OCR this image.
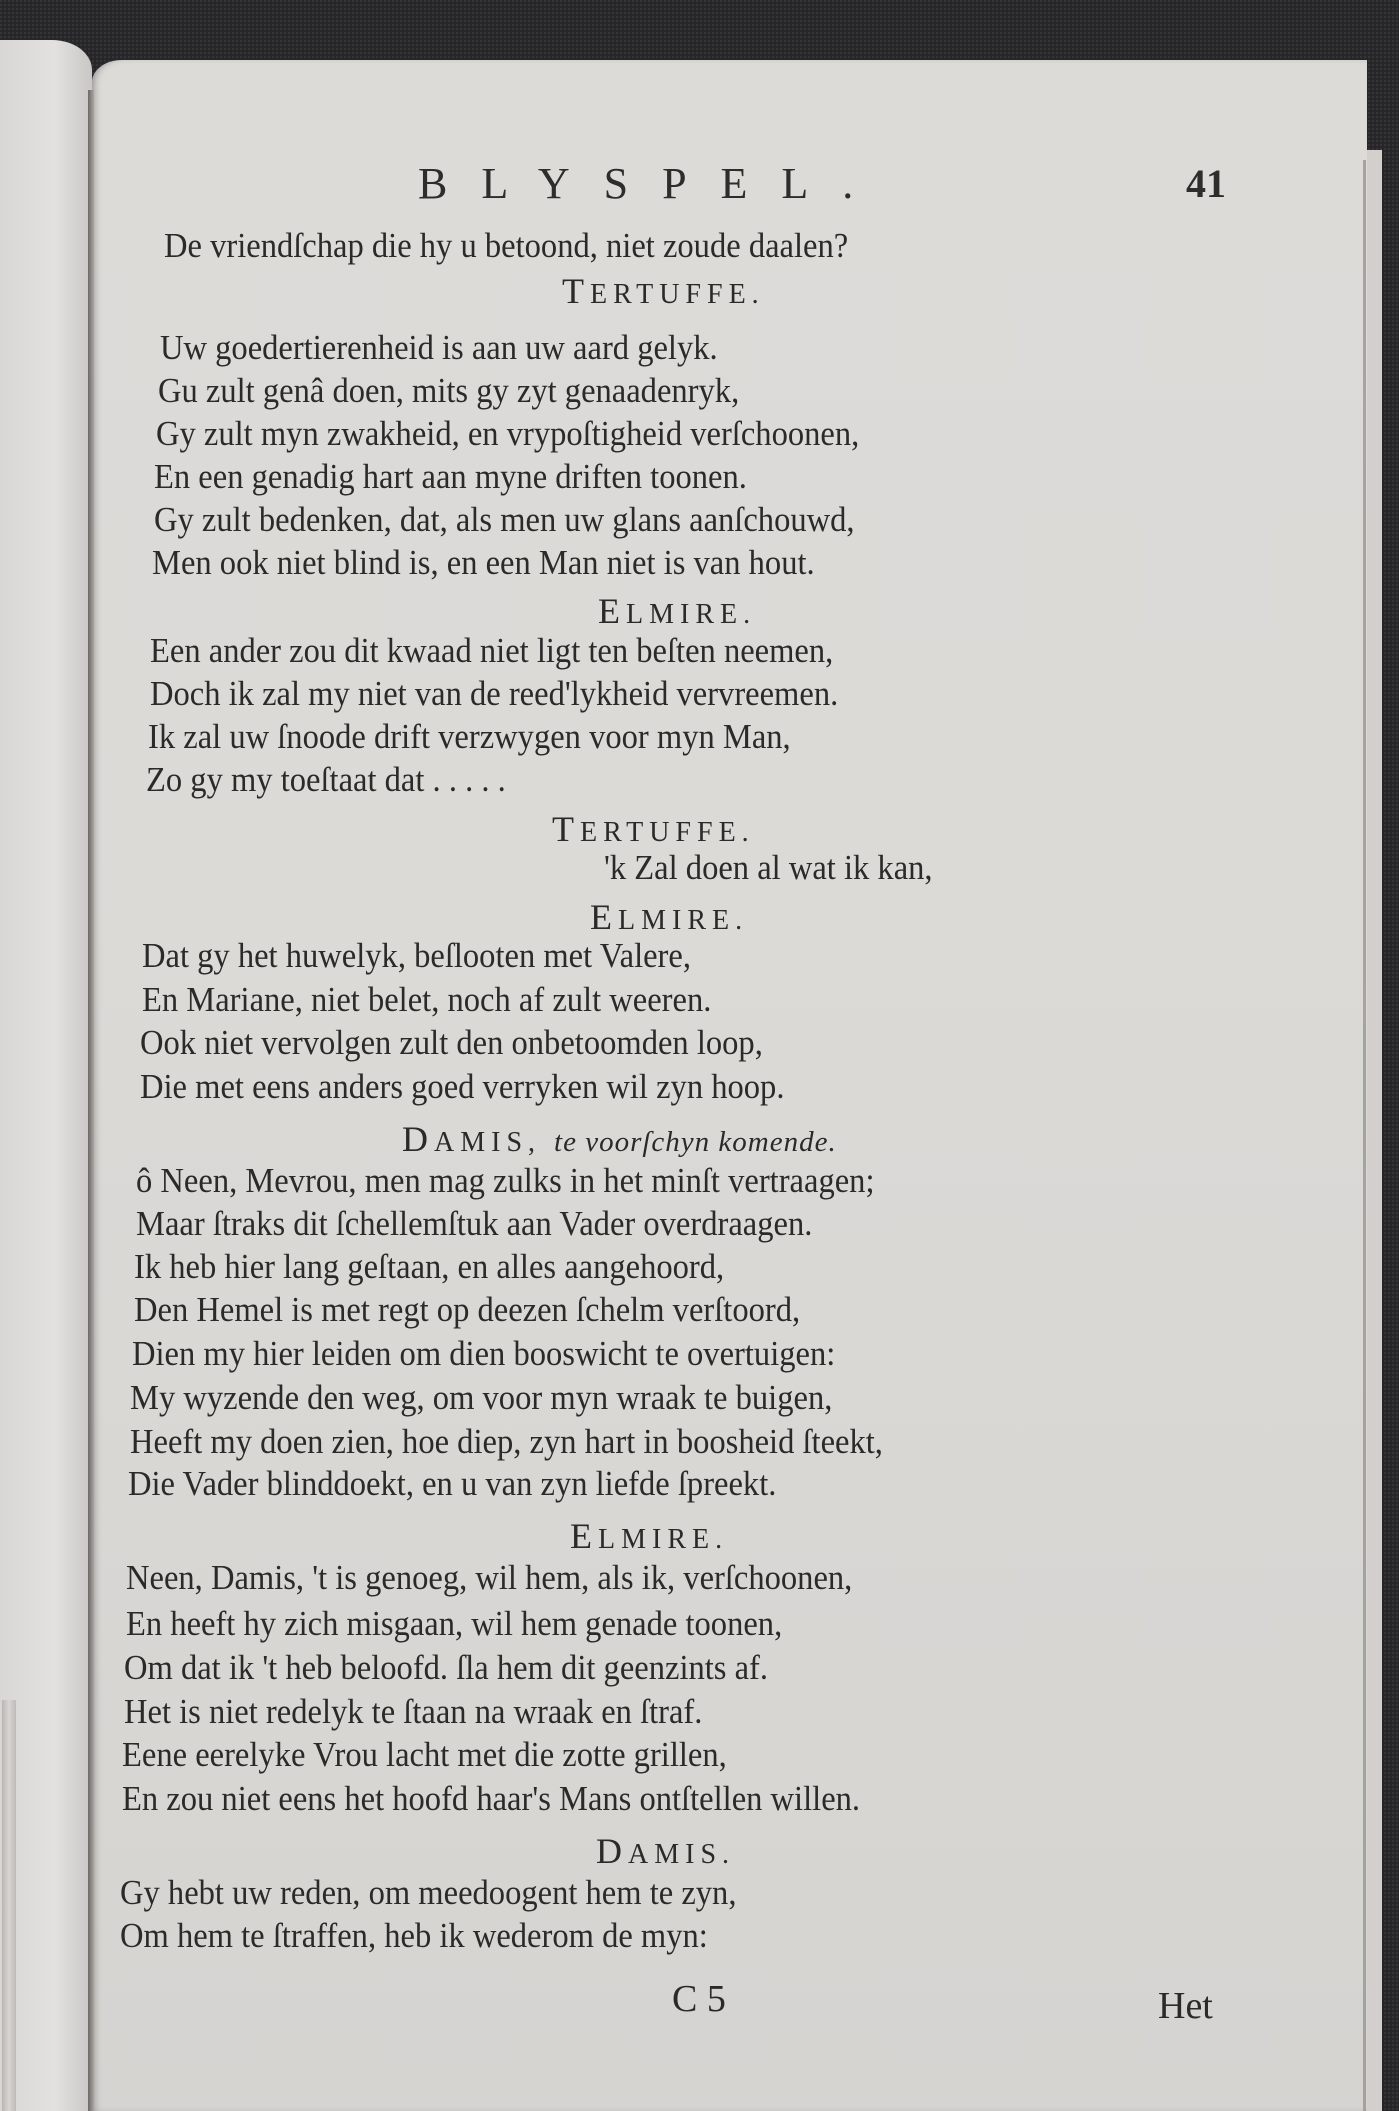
BLYSPEL.	41
De vriendſchap die hy u betoond, niet zoude daalen?
TERTUFFE.
Uw goedertierenheid is aan uw aard gelyk.
Gu zult genâ doen, mits gy zyt genaadenryk,
Gy zult myn zwakheid, en vrypoſtigheid verſchoonen,
En een genadig hart aan myne driften toonen.
Gy zult bedenken, dat, als men uw glans aanſchouwd,
Men ook niet blind is, en een Man niet is van hout.
ELMIRE.
Een ander zou dit kwaad niet ligt ten beſten neemen,
Doch ik zal my niet van de reed'lykheid vervreemen.
Ik zal uw ſnoode drift verzwygen voor myn Man,
Zo gy my toeſtaat dat . . . . .
TERTUFFE.
'k Zal doen al wat ik kan,
ELMIRE.
Dat gy het huwelyk, beſlooten met Valere,
En Mariane, niet belet, noch af zult weeren.
Ook niet vervolgen zult den onbetoomden loop,
Die met eens anders goed verryken wil zyn hoop.
DAMIS, te voorſchyn komende.
ô Neen, Mevrou, men mag zulks in het minſt vertraagen;
Maar ſtraks dit ſchellemſtuk aan Vader overdraagen.
Ik heb hier lang geſtaan, en alles aangehoord,
Den Hemel is met regt op deezen ſchelm verſtoord,
Dien my hier leiden om dien booswicht te overtuigen:
My wyzende den weg, om voor myn wraak te buigen,
Heeft my doen zien, hoe diep, zyn hart in boosheid ſteekt,
Die Vader blinddoekt, en u van zyn liefde ſpreekt.
ELMIRE.
Neen, Damis, 't is genoeg, wil hem, als ik, verſchoonen,
En heeft hy zich misgaan, wil hem genade toonen,
Om dat ik 't heb beloofd. ſla hem dit geenzints af.
Het is niet redelyk te ſtaan na wraak en ſtraf.
Eene eerelyke Vrou lacht met die zotte grillen,
En zou niet eens het hoofd haar's Mans ontſtellen willen.
DAMIS.
Gy hebt uw reden, om meedoogent hem te zyn,
Om hem te ſtraffen, heb ik wederom de myn:
C 5	Het
